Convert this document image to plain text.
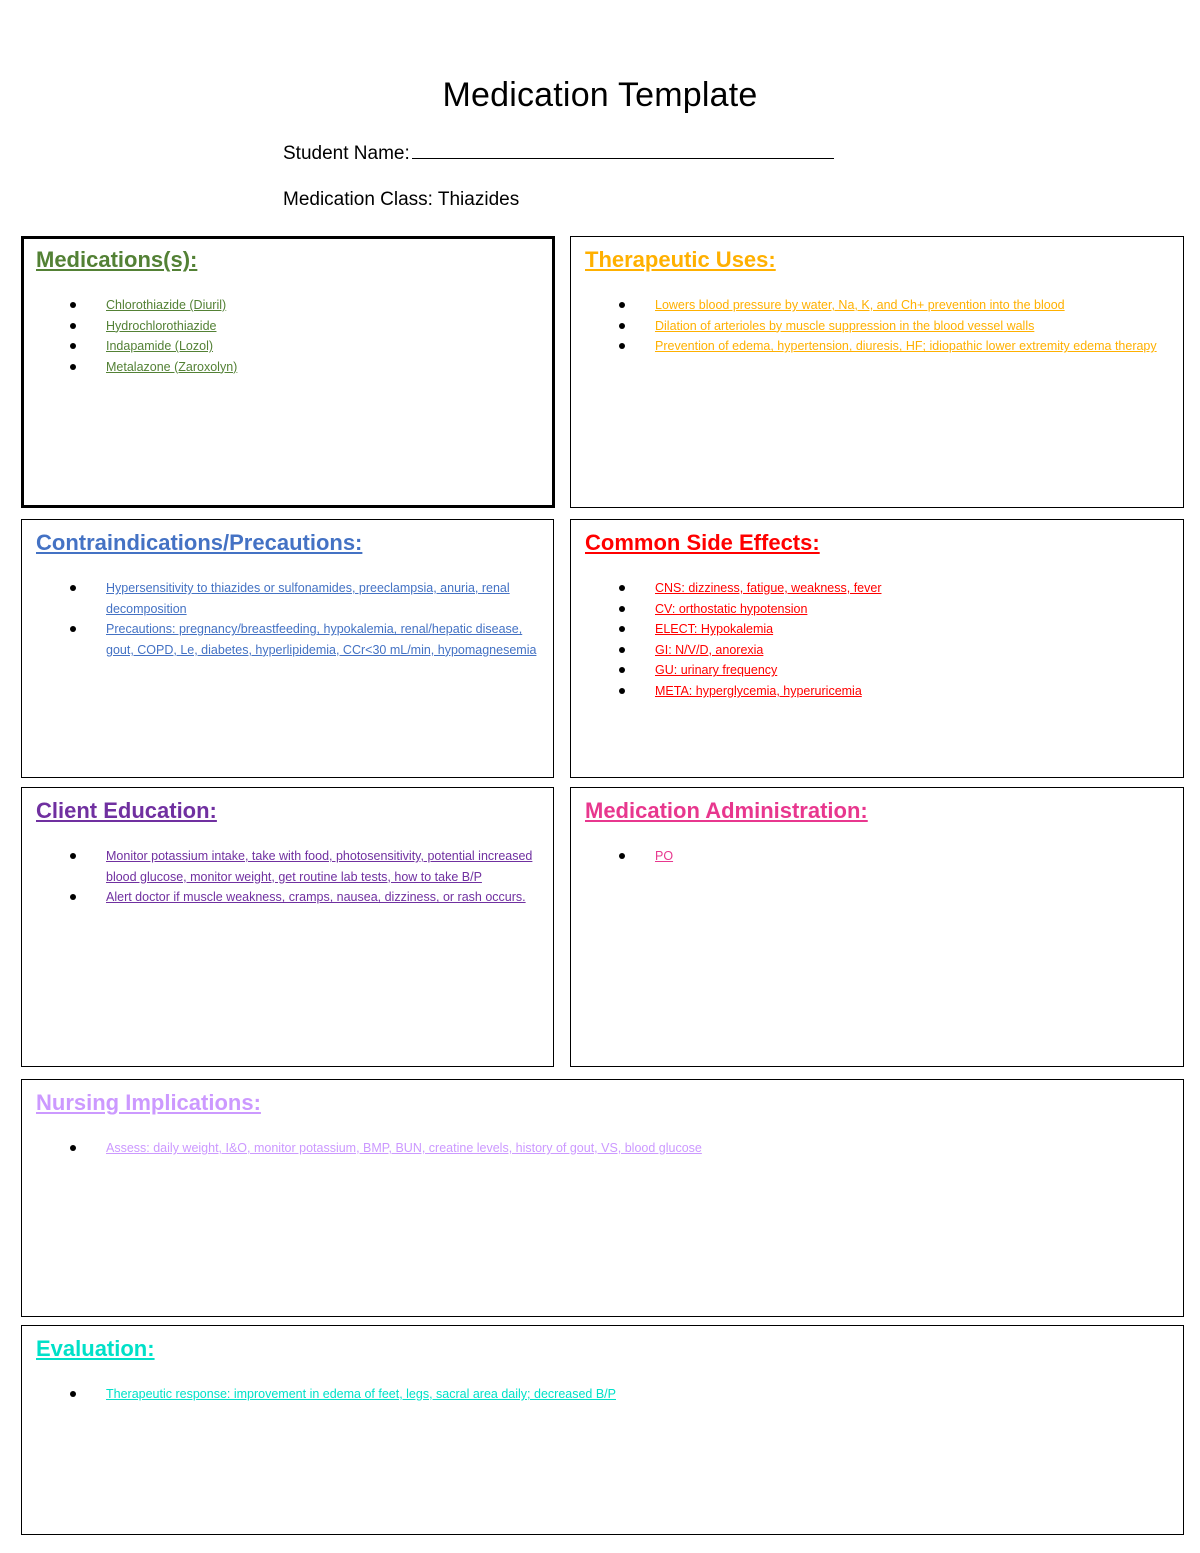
Medication Template
Student Name:
Medication Class: Thiazides
Medications(s):
Chlorothiazide (Diuril)
Hydrochlorothiazide
Indapamide (Lozol)
Metalazone (Zaroxolyn)
Therapeutic Uses:
Lowers blood pressure by water, Na, K, and Ch+ prevention into the blood
Dilation of arterioles by muscle suppression in the blood vessel walls
Prevention of edema, hypertension, diuresis, HF; idiopathic lower extremity edema therapy
Contraindications/Precautions:
Hypersensitivity to thiazides or sulfonamides, preeclampsia, anuria, renal decomposition
Precautions: pregnancy/breastfeeding, hypokalemia, renal/hepatic disease, gout, COPD, Le, diabetes, hyperlipidemia, CCr<30 mL/min, hypomagnesemia
Common Side Effects:
CNS: dizziness, fatigue, weakness, fever
CV: orthostatic hypotension
ELECT: Hypokalemia
GI: N/V/D, anorexia
GU: urinary frequency
META: hyperglycemia, hyperuricemia
Client Education:
Monitor potassium intake, take with food, photosensitivity, potential increased blood glucose, monitor weight, get routine lab tests, how to take B/P
Alert doctor if muscle weakness, cramps, nausea, dizziness, or rash occurs.
Medication Administration:
PO
Nursing Implications:
Assess: daily weight, I&O, monitor potassium, BMP, BUN, creatine levels, history of gout, VS, blood glucose
Evaluation:
Therapeutic response: improvement in edema of feet, legs, sacral area daily; decreased B/P
